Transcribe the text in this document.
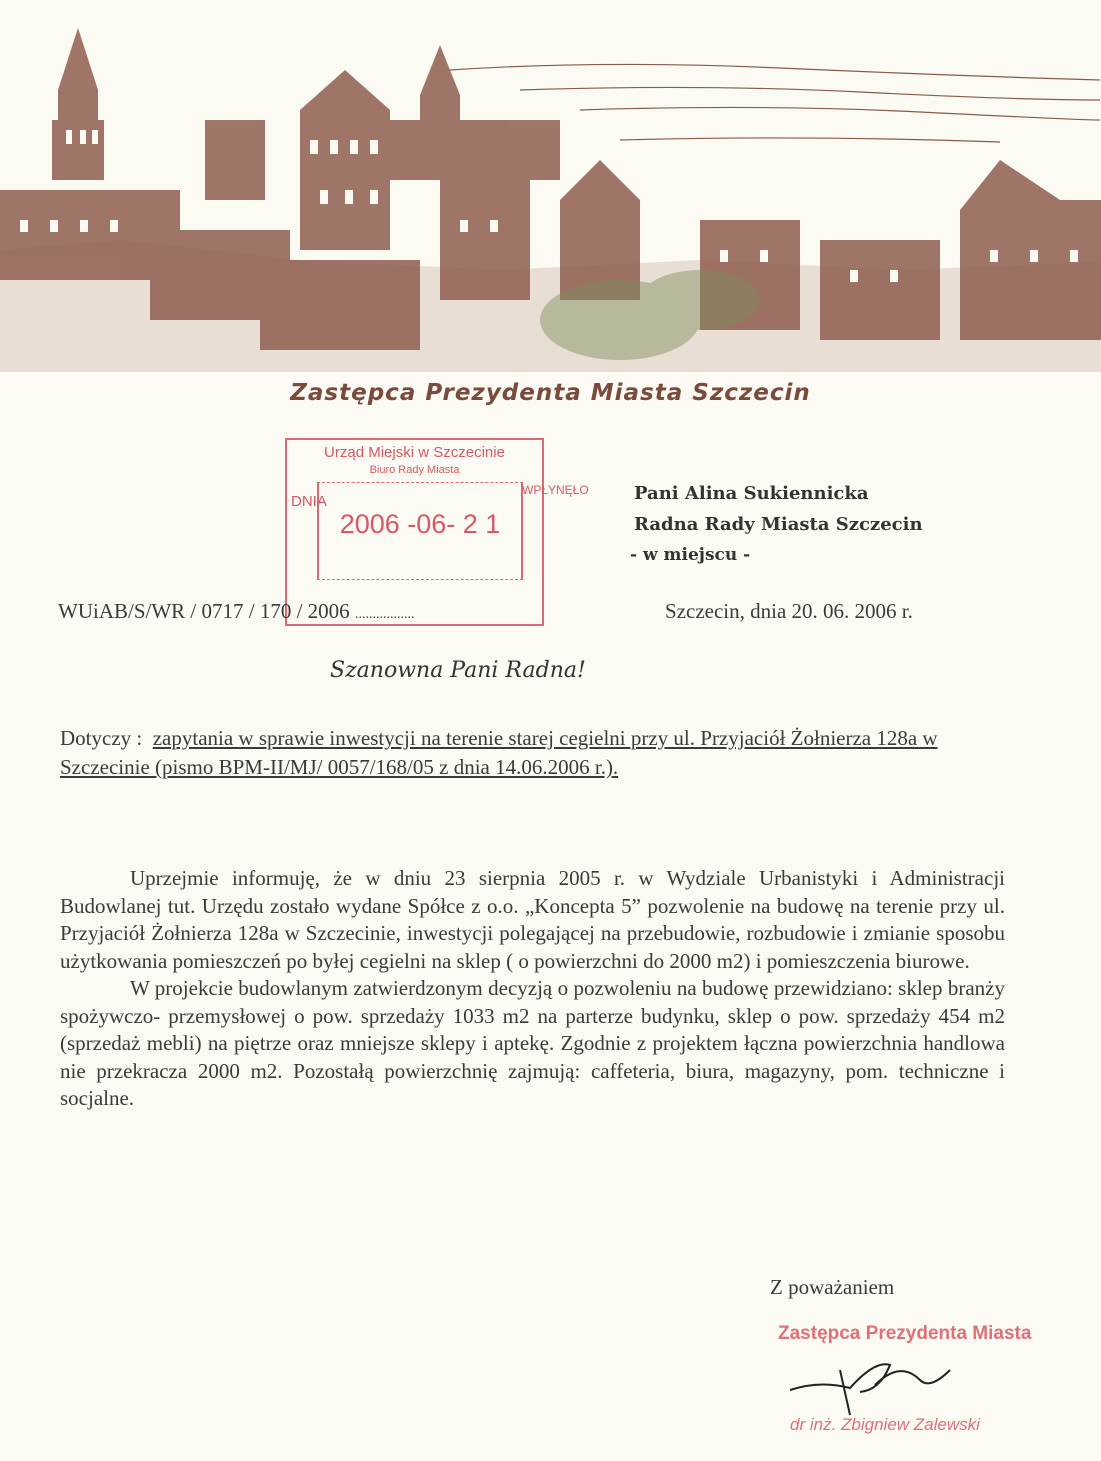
Zastępca Prezydenta Miasta Szczecin
Urząd Miejski w Szczecinie
Biuro Rady Miasta
DNIA
2006 -06- 2 1
WPŁYNĘŁO	Pani Alina Sukiennicka
Radna Rady Miasta Szczecin
- w miejscu -
WUiAB/S/WR / 0717 / 170 / 2006 .................	Szczecin, dnia 20. 06. 2006 r.
Szanowna Pani Radna!
Dotyczy : zapytania w sprawie inwestycji na terenie starej cegielni przy ul. Przyjaciół Żołnierza 128a w Szczecinie (pismo BPM-II/MJ/ 0057/168/05 z dnia 14.06.2006 r.).

Uprzejmie informuję, że w dniu 23 sierpnia 2005 r. w Wydziale Urbanistyki i Administracji Budowlanej tut. Urzędu zostało wydane Spółce z o.o. „Koncepta 5” pozwolenie na budowę na terenie przy ul. Przyjaciół Żołnierza 128a w Szczecinie, inwestycji polegającej na przebudowie, rozbudowie i zmianie sposobu użytkowania pomieszczeń po byłej cegielni na sklep ( o powierzchni do 2000 m2) i pomieszczenia biurowe.

W projekcie budowlanym zatwierdzonym decyzją o pozwoleniu na budowę przewidziano: sklep branży spożywczo- przemysłowej o pow. sprzedaży 1033 m2 na parterze budynku, sklep o pow. sprzedaży 454 m2 (sprzedaż mebli) na piętrze oraz mniejsze sklepy i aptekę. Zgodnie z projektem łączna powierzchnia handlowa nie przekracza 2000 m2. Pozostałą powierzchnię zajmują: caffeteria, biura, magazyny, pom. techniczne i socjalne.

Z poważaniem
Zastępca Prezydenta Miasta
dr inż. Zbigniew Zalewski
